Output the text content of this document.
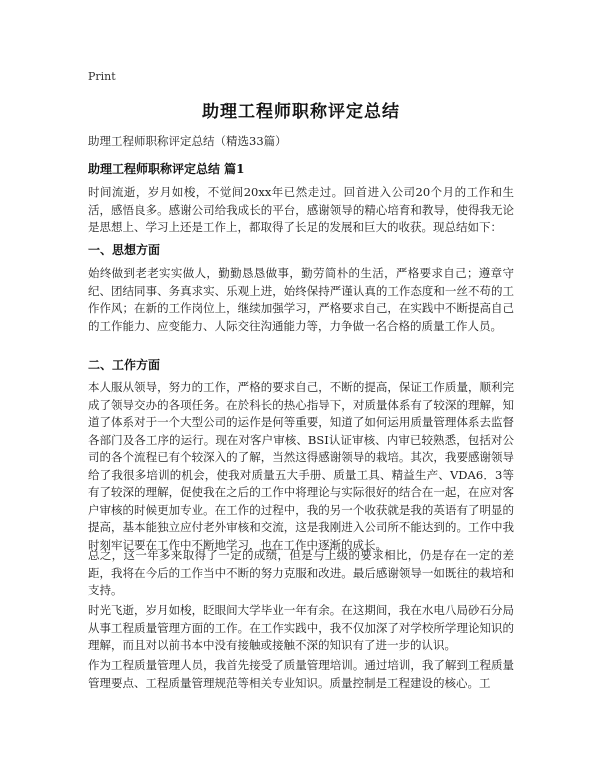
Print
助理工程师职称评定总结
助理工程师职称评定总结（精选33篇）
助理工程师职称评定总结 篇1

时间流逝，岁月如梭，不觉间20xx年已然走过。回首进入公司20个月的工作和生活，感悟良多。感谢公司给我成长的平台，感谢领导的精心培育和教导，使得我无论是思想上、学习上还是工作上，都取得了长足的发展和巨大的收获。现总结如下：

一、思想方面

始终做到老老实实做人，勤勤恳恳做事，勤劳简朴的生活，严格要求自己；遵章守纪、团结同事、务真求实、乐观上进，始终保持严谨认真的工作态度和一丝不苟的工作作风；在新的工作岗位上，继续加强学习，严格要求自己，在实践中不断提高自己的工作能力、应变能力、人际交往沟通能力等，力争做一名合格的质量工作人员。

二、工作方面

本人服从领导，努力的工作，严格的要求自己，不断的提高，保证工作质量，顺利完成了领导交办的各项任务。在於科长的热心指导下，对质量体系有了较深的理解，知道了体系对于一个大型公司的运作是何等重要，知道了如何运用质量管理体系去监督各部门及各工序的运行。现在对客户审核、BSI认证审核、内审已较熟悉，包括对公司的各个流程已有个较深入的了解，当然这得感谢领导的栽培。其次，我要感谢领导给了我很多培训的机会，使我对质量五大手册、质量工具、精益生产、VDA6．3等有了较深的理解，促使我在之后的工作中将理论与实际很好的结合在一起，在应对客户审核的时候更加专业。在工作的过程中，我的另一个收获就是我的英语有了明显的提高，基本能独立应付老外审核和交流，这是我刚进入公司所不能达到的。工作中我时刻牢记要在工作中不断地学习，也在工作中逐渐的成长。

总之，这一年多来取得了一定的成绩，但是与上级的要求相比，仍是存在一定的差距，我将在今后的工作当中不断的努力克服和改进。最后感谢领导一如既往的栽培和支持。

时光飞逝，岁月如梭，眨眼间大学毕业一年有余。在这期间，我在水电八局砂石分局从事工程质量管理方面的工作。在工作实践中，我不仅加深了对学校所学理论知识的理解，而且对以前书本中没有接触或接触不深的知识有了进一步的认识。

作为工程质量管理人员，我首先接受了质量管理培训。通过培训，我了解到工程质量管理要点、工程质量管理规范等相关专业知识。质量控制是工程建设的核心。工
